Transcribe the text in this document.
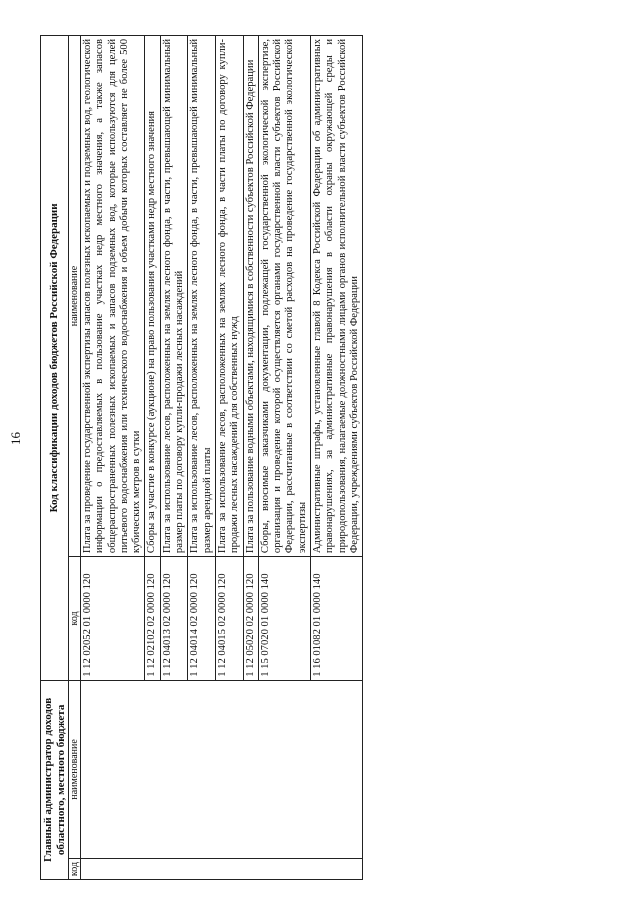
16
Главный администратор доходов областного, местного бюджета		Код классификации доходов бюджетов Российской Федерации	
код	наименование	код	наименование
		1 12 02052 01 0000 120	Плата за проведение государственной экспертизы запасов полезных ископаемых и подземных вод, геологической информации о предоставляемых в пользование участках недр местного значения, а также запасов общераспространенных полезных ископаемых и запасов подземных вод, которые используются для целей питьевого водоснабжения или технического водоснабжения и объем добычи которых составляет не более 500 кубических метров в сутки
		1 12 02102 02 0000 120	Сборы за участие в конкурсе (аукционе) на право пользования участками недр местного значения
		1 12 04013 02 0000 120	Плата за использование лесов, расположенных на землях лесного фонда, в части, превышающей минимальный размер платы по договору купли-продажи лесных насаждений
		1 12 04014 02 0000 120	Плата за использование лесов, расположенных на землях лесного фонда, в части, превышающей минимальный размер арендной платы
		1 12 04015 02 0000 120	Плата за использование лесов, расположенных на землях лесного фонда, в части платы по договору купли-продажи лесных насаждений для собственных нужд
		1 12 05020 02 0000 120	Плата за пользование водными объектами, находящимися в собственности субъектов Российской Федерации
		1 15 07020 01 0000 140	Сборы, вносимые заказчиками документации, подлежащей государственной экологической экспертизе, организация и проведение которой осуществляется органами государственной власти субъектов Российской Федерации, рассчитанные в соответствии со сметой расходов на проведение государственной экологической экспертизы
		1 16 01082 01 0000 140	Административные штрафы, установленные главой 8 Кодекса Российской Федерации об административных правонарушениях, за административные правонарушения в области охраны окружающей среды и природопользования, налагаемые должностными лицами органов исполнительной власти субъектов Российской Федерации, учреждениями субъектов Российской Федерации
